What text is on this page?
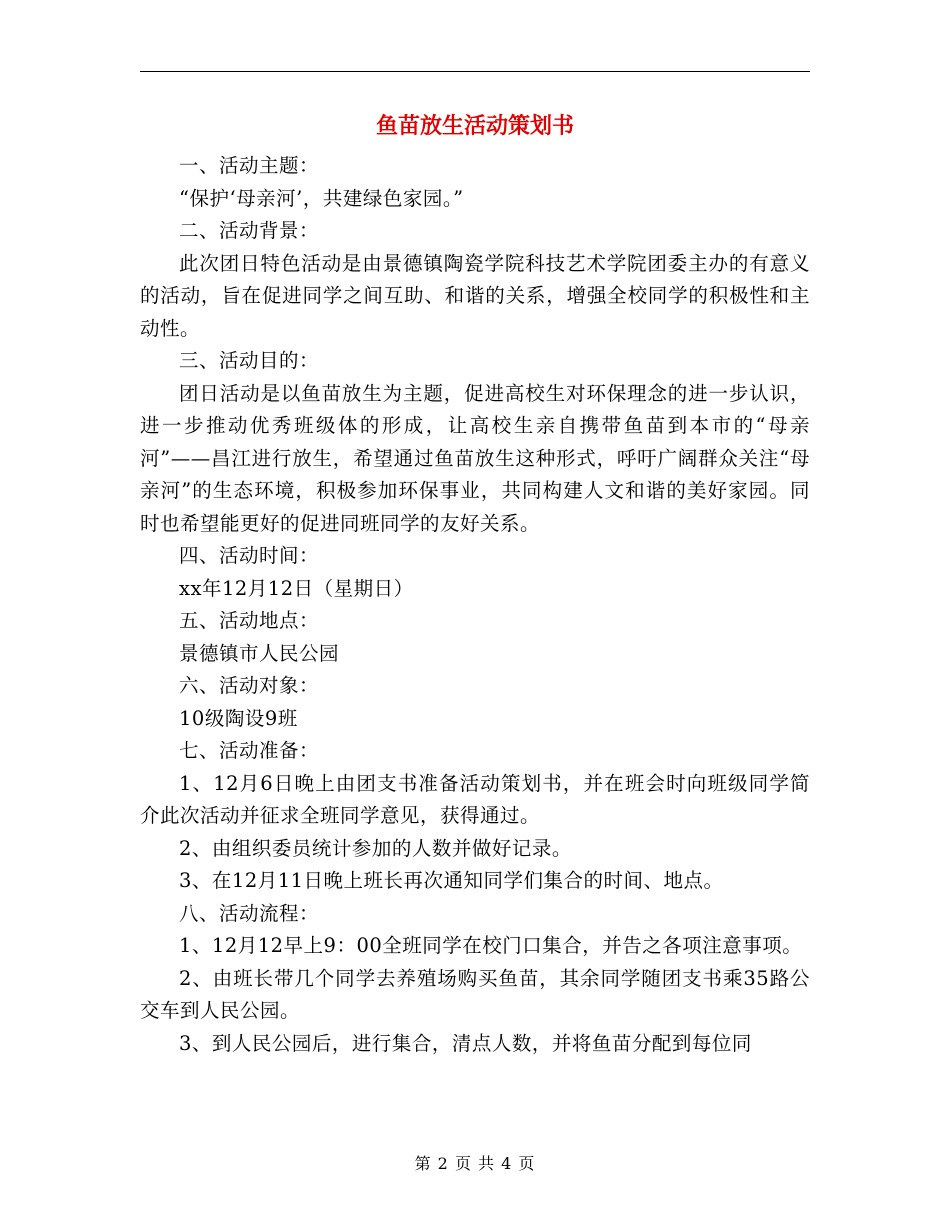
鱼苗放生活动策划书

一、活动主题：

“保护‘母亲河’，共建绿色家园。”

二、活动背景：

此次团日特色活动是由景德镇陶瓷学院科技艺术学院团委主办的有意义的活动，旨在促进同学之间互助、和谐的关系，增强全校同学的积极性和主动性。

三、活动目的：

团日活动是以鱼苗放生为主题，促进高校生对环保理念的进一步认识，进一步推动优秀班级体的形成，让高校生亲自携带鱼苗到本市的“母亲河”——昌江进行放生，希望通过鱼苗放生这种形式，呼吁广阔群众关注“母亲河”的生态环境，积极参加环保事业，共同构建人文和谐的美好家园。同时也希望能更好的促进同班同学的友好关系。

四、活动时间：

xx年12月12日（星期日）

五、活动地点：

景德镇市人民公园

六、活动对象：

10级陶设9班

七、活动准备：

1、12月6日晚上由团支书准备活动策划书，并在班会时向班级同学简介此次活动并征求全班同学意见，获得通过。

2、由组织委员统计参加的人数并做好记录。

3、在12月11日晚上班长再次通知同学们集合的时间、地点。

八、活动流程：

1、12月12早上9：00全班同学在校门口集合，并告之各项注意事项。

2、由班长带几个同学去养殖场购买鱼苗，其余同学随团支书乘35路公交车到人民公园。

3、到人民公园后，进行集合，清点人数，并将鱼苗分配到每位同

第 2 页 共 4 页
